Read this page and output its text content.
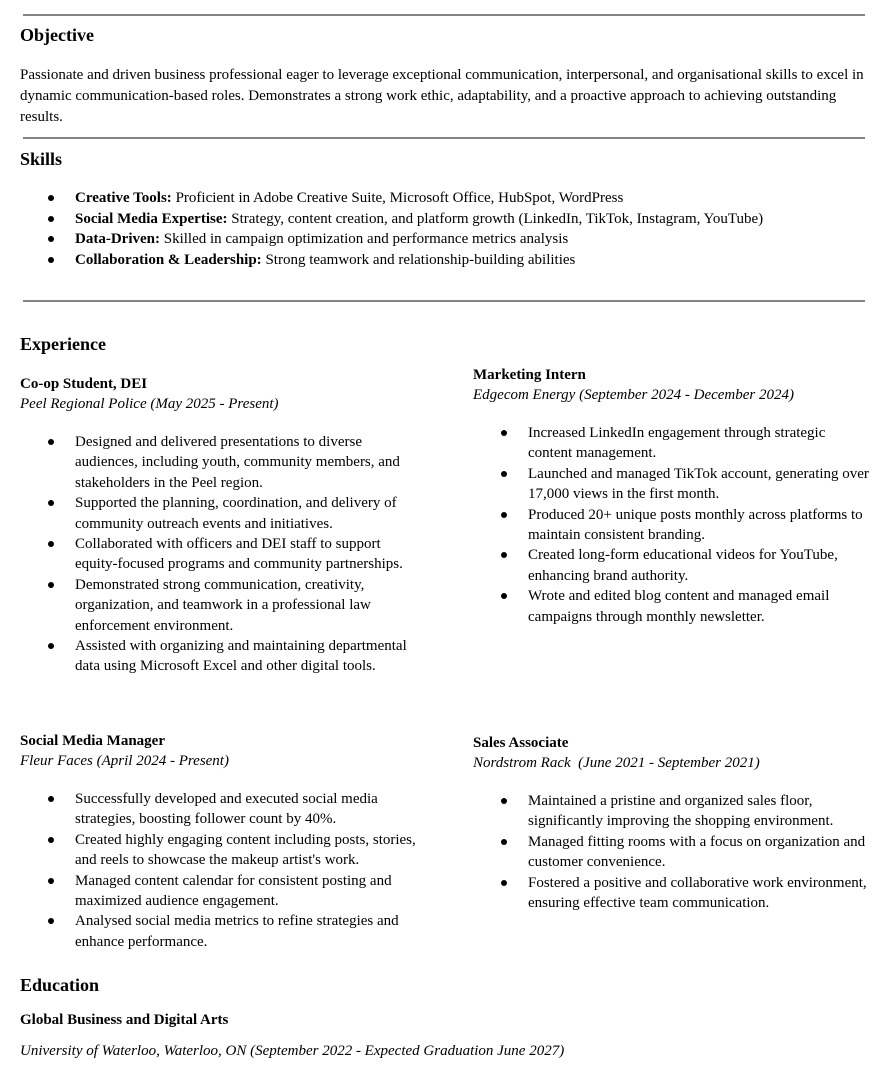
Objective
Passionate and driven business professional eager to leverage exceptional communication, interpersonal, and organisational skills to excel in dynamic communication-based roles. Demonstrates a strong work ethic, adaptability, and a proactive approach to achieving outstanding results.
Skills
Creative Tools: Proficient in Adobe Creative Suite, Microsoft Office, HubSpot, WordPress
Social Media Expertise: Strategy, content creation, and platform growth (LinkedIn, TikTok, Instagram, YouTube)
Data-Driven: Skilled in campaign optimization and performance metrics analysis
Collaboration & Leadership: Strong teamwork and relationship-building abilities
Experience
Co-op Student, DEI
Peel Regional Police (May 2025 - Present)
Designed and delivered presentations to diverse audiences, including youth, community members, and stakeholders in the Peel region.
Supported the planning, coordination, and delivery of community outreach events and initiatives.
Collaborated with officers and DEI staff to support equity-focused programs and community partnerships.
Demonstrated strong communication, creativity, organization, and teamwork in a professional law enforcement environment.
Assisted with organizing and maintaining departmental data using Microsoft Excel and other digital tools.
Marketing Intern
Edgecom Energy (September 2024 - December 2024)
Increased LinkedIn engagement through strategic content management.
Launched and managed TikTok account, generating over 17,000 views in the first month.
Produced 20+ unique posts monthly across platforms to maintain consistent branding.
Created long-form educational videos for YouTube, enhancing brand authority.
Wrote and edited blog content and managed email campaigns through monthly newsletter.
Social Media Manager
Fleur Faces (April 2024 - Present)
Successfully developed and executed social media strategies, boosting follower count by 40%.
Created highly engaging content including posts, stories, and reels to showcase the makeup artist's work.
Managed content calendar for consistent posting and maximized audience engagement.
Analysed social media metrics to refine strategies and enhance performance.
Sales Associate
Nordstrom Rack  (June 2021 - September 2021)
Maintained a pristine and organized sales floor, significantly improving the shopping environment.
Managed fitting rooms with a focus on organization and customer convenience.
Fostered a positive and collaborative work environment, ensuring effective team communication.
Education
Global Business and Digital Arts
University of Waterloo, Waterloo, ON (September 2022 - Expected Graduation June 2027)
